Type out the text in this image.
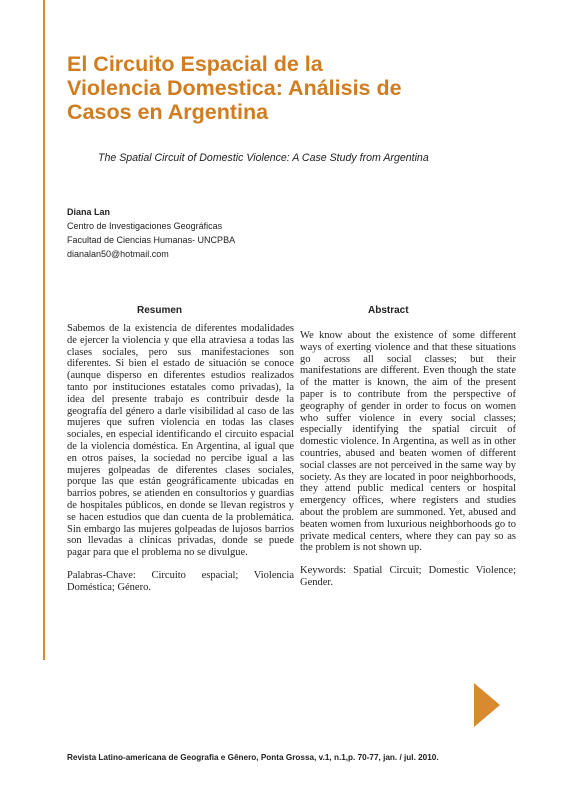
El Circuito Espacial de la
Violencia Domestica: Análisis de
Casos en Argentina
The Spatial Circuit of Domestic Violence: A Case Study from Argentina
Diana Lan
Centro de Investigaciones Geográficas
Facultad de Ciencias Humanas- UNCPBA
dianalan50@hotmail.com
Resumen	Abstract

Sabemos de la existencia de diferentes modalidades de ejercer la violencia y que ella atraviesa a todas las clases sociales, pero sus manifestaciones son diferentes. Si bien el estado de situación se conoce (aunque disperso en diferentes estudios realizados tanto por instituciones estatales como privadas), la idea del presente trabajo es contribuir desde la geografía del género a darle visibilidad al caso de las mujeres que sufren violencia en todas las clases sociales, en especial identificando el circuito espacial de la violencia doméstica. En Argentina, al igual que en otros países, la sociedad no percibe igual a las mujeres golpeadas de diferentes clases sociales, porque las que están geográficamente ubicadas en barrios pobres, se atienden en consultorios y guardias de hospitales públicos, en donde se llevan registros y se hacen estudios que dan cuenta de la problemática. Sin embargo las mujeres golpeadas de lujosos barrios son llevadas a clínicas privadas, donde se puede pagar para que el problema no se divulgue.

Palabras-Chave: Circuito espacial; Violencia Doméstica; Género.

We know about the existence of some different ways of exerting violence and that these situations go across all social classes; but their manifestations are different. Even though the state of the matter is known, the aim of the present paper is to contribute from the perspective of geography of gender in order to focus on women who suffer violence in every social classes; especially identifying the spatial circuit of domestic violence. In Argentina, as well as in other countries, abused and beaten women of different social classes are not perceived in the same way by society. As they are located in poor neighborhoods, they attend public medical centers or hospital emergency offices, where registers and studies about the problem are summoned. Yet, abused and beaten women from luxurious neighborhoods go to private medical centers, where they can pay so as the problem is not shown up.

Keywords: Spatial Circuit; Domestic Violence; Gender.

Revista Latino-americana de Geografia e Gênero, Ponta Grossa, v.1, n.1,p. 70-77, jan. / jul. 2010.
